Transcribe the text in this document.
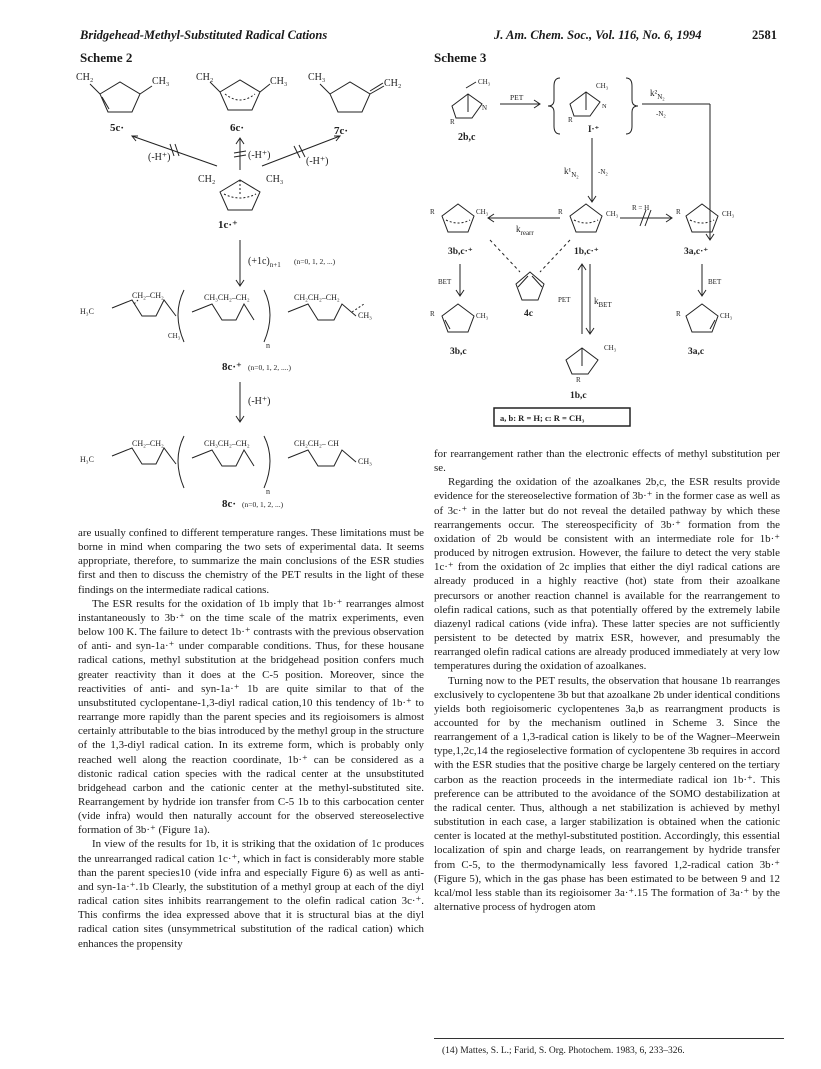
Bridgehead-Methyl-Substituted Radical Cations	J. Am. Chem. Soc., Vol. 116, No. 6, 1994	2581
Scheme 2
CH₂	CH₃
5c·
CH₂	CH₃
6c·
CH₃
CH₂
7c·
(-H⁺)	(-H⁺)
(-H⁺)
CH₂	CH₃
1c·⁺
$(+1c)_{n+1}$ (n=0, 1, 2, ...)
H₃C
CH₂–CH₂	CH₃CH₂–CH₂	CH₂CH₂–CH₂
CH₃
CH₃
n
8c·⁺ (n=0, 1, 2, ....)
(-H⁺)
H₃C
CH₂–CH₂	CH₃CH₂–CH₂	CH₂CH₂– CH
CH₃
n
8c· (n=0, 1, 2, ...)
Scheme 3
CH₃
R
N
2b,c
PET
CH₃
N
R
I·⁺
$k^2_{N_2}$
-N₂
$k^1_{N_2}$	-N₂
R	CH₃
3b,c·⁺
$k_{rearr}$
R	CH₃
1b,c·⁺
R = H	R	CH₃
3a,c·⁺
4c
BET	BET
PET	$k_{BET}$
R	CH₃
3b,c	CH₃
R
1b,c
R	CH₃
3a,c
a, b: R = H; c: R = CH₃

are usually confined to different temperature ranges. These limitations must be borne in mind when comparing the two sets of experimental data. It seems appropriate, therefore, to summarize the main conclusions of the ESR studies first and then to discuss the chemistry of the PET results in the light of these findings on the intermediate radical cations.

The ESR results for the oxidation of 1b imply that 1b·⁺ rearranges almost instantaneously to 3b·⁺ on the time scale of the matrix experiments, even below 100 K. The failure to detect 1b·⁺ contrasts with the previous observation of anti- and syn-1a·⁺ under comparable conditions. Thus, for these housane radical cations, methyl substitution at the bridgehead position confers much greater reactivity than it does at the C-5 position. Moreover, since the reactivities of anti- and syn-1a·⁺ 1b are quite similar to that of the unsubstituted cyclopentane-1,3-diyl radical cation,10 this tendency of 1b·⁺ to rearrange more rapidly than the parent species and its regioisomers is almost certainly attributable to the bias introduced by the methyl group in the structure of the 1,3-diyl radical cation. In its extreme form, which is probably only reached well along the reaction coordinate, 1b·⁺ can be considered as a distonic radical cation species with the radical center at the unsubstituted bridgehead carbon and the cationic center at the methyl-substituted site. Rearrangement by hydride ion transfer from C-5 1b to this carbocation center (vide infra) would then naturally account for the observed stereoselective formation of 3b·⁺ (Figure 1a).

In view of the results for 1b, it is striking that the oxidation of 1c produces the unrearranged radical cation 1c·⁺, which in fact is considerably more stable than the parent species10 (vide infra and especially Figure 6) as well as anti- and syn-1a·⁺.1b Clearly, the substitution of a methyl group at each of the diyl radical cation sites inhibits rearrangement to the olefin radical cation 3c·⁺. This confirms the idea expressed above that it is structural bias at the diyl radical cation sites (unsymmetrical substitution of the radical cation) which enhances the propensity

for rearrangement rather than the electronic effects of methyl substitution per se.

Regarding the oxidation of the azoalkanes 2b,c, the ESR results provide evidence for the stereoselective formation of 3b·⁺ in the former case as well as of 3c·⁺ in the latter but do not reveal the detailed pathway by which these rearrangements occur. The stereospecificity of 3b·⁺ formation from the oxidation of 2b would be consistent with an intermediate role for 1b·⁺ produced by nitrogen extrusion. However, the failure to detect the very stable 1c·⁺ from the oxidation of 2c implies that either the diyl radical cations are already produced in a highly reactive (hot) state from their azoalkane precursors or another reaction channel is available for the rearrangement to olefin radical cations, such as that potentially offered by the extremely labile diazenyl radical cations (vide infra). These latter species are not sufficiently persistent to be detected by matrix ESR, however, and presumably the rearranged olefin radical cations are already produced immediately at very low temperatures during the oxidation of azoalkanes.

Turning now to the PET results, the observation that housane 1b rearranges exclusively to cyclopentene 3b but that azoalkane 2b under identical conditions yields both regioisomeric cyclopentenes 3a,b as rearrangment products is accounted for by the mechanism outlined in Scheme 3. Since the rearrangement of a 1,3-radical cation is likely to be of the Wagner–Meerwein type,1,2c,14 the regioselective formation of cyclopentene 3b requires in accord with the ESR studies that the positive charge be largely centered on the tertiary carbon as the reaction proceeds in the intermediate radical ion 1b·⁺. This preference can be attributed to the avoidance of the SOMO destabilization at the radical center. Thus, although a net stabilization is achieved by methyl substitution in each case, a larger stabilization is obtained when the cationic center is located at the methyl-substituted postition. Accordingly, this essential localization of spin and charge leads, on rearrangement by hydride transfer from C-5, to the thermodynamically less favored 1,2-radical cation 3b·⁺ (Figure 5), which in the gas phase has been estimated to be between 9 and 12 kcal/mol less stable than its regioisomer 3a·⁺.15 The formation of 3a·⁺ by the alternative process of hydrogen atom

(14) Mattes, S. L.; Farid, S. Org. Photochem. 1983, 6, 233–326.
